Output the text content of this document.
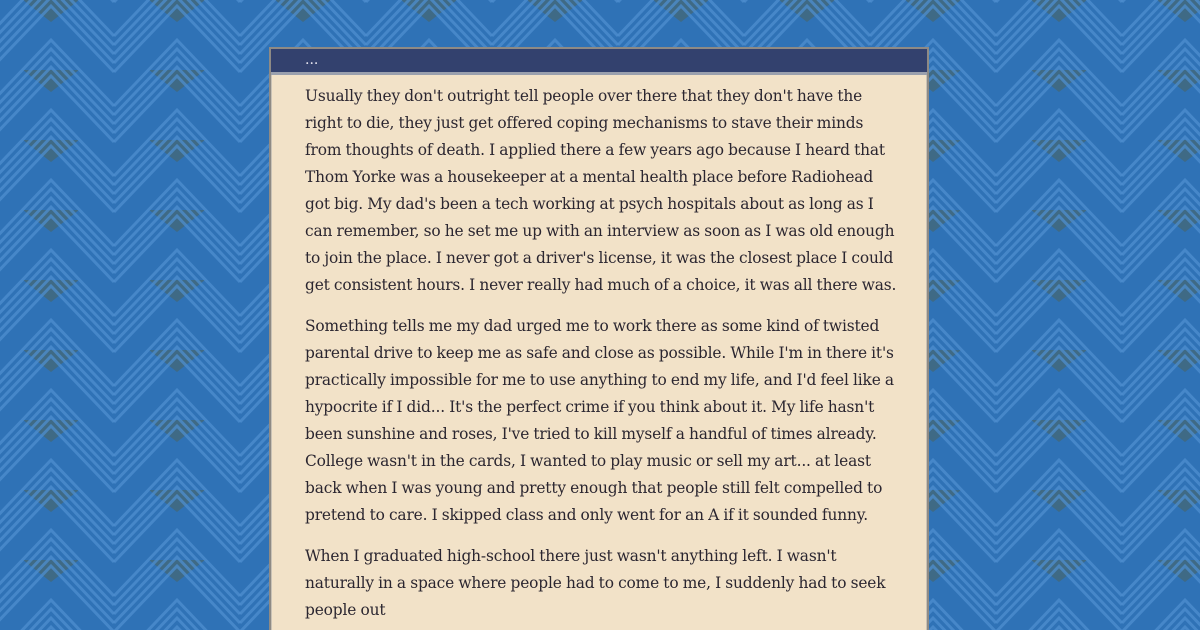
...

Usually they don't outright tell people over there that they don't have the right to die, they just get offered coping mechanisms to stave their minds from thoughts of death. I applied there a few years ago because I heard that Thom Yorke was a housekeeper at a mental health place before Radiohead got big. My dad's been a tech working at psych hospitals about as long as I can remember, so he set me up with an interview as soon as I was old enough to join the place. I never got a driver's license, it was the closest place I could get consistent hours. I never really had much of a choice, it was all there was.

Something tells me my dad urged me to work there as some kind of twisted parental drive to keep me as safe and close as possible. While I'm in there it's practically impossible for me to use anything to end my life, and I'd feel like a hypocrite if I did... It's the perfect crime if you think about it. My life hasn't been sunshine and roses, I've tried to kill myself a handful of times already. College wasn't in the cards, I wanted to play music or sell my art... at least back when I was young and pretty enough that people still felt compelled to pretend to care. I skipped class and only went for an A if it sounded funny.

When I graduated high-school there just wasn't anything left. I wasn't naturally in a space where people had to come to me, I suddenly had to seek people out
